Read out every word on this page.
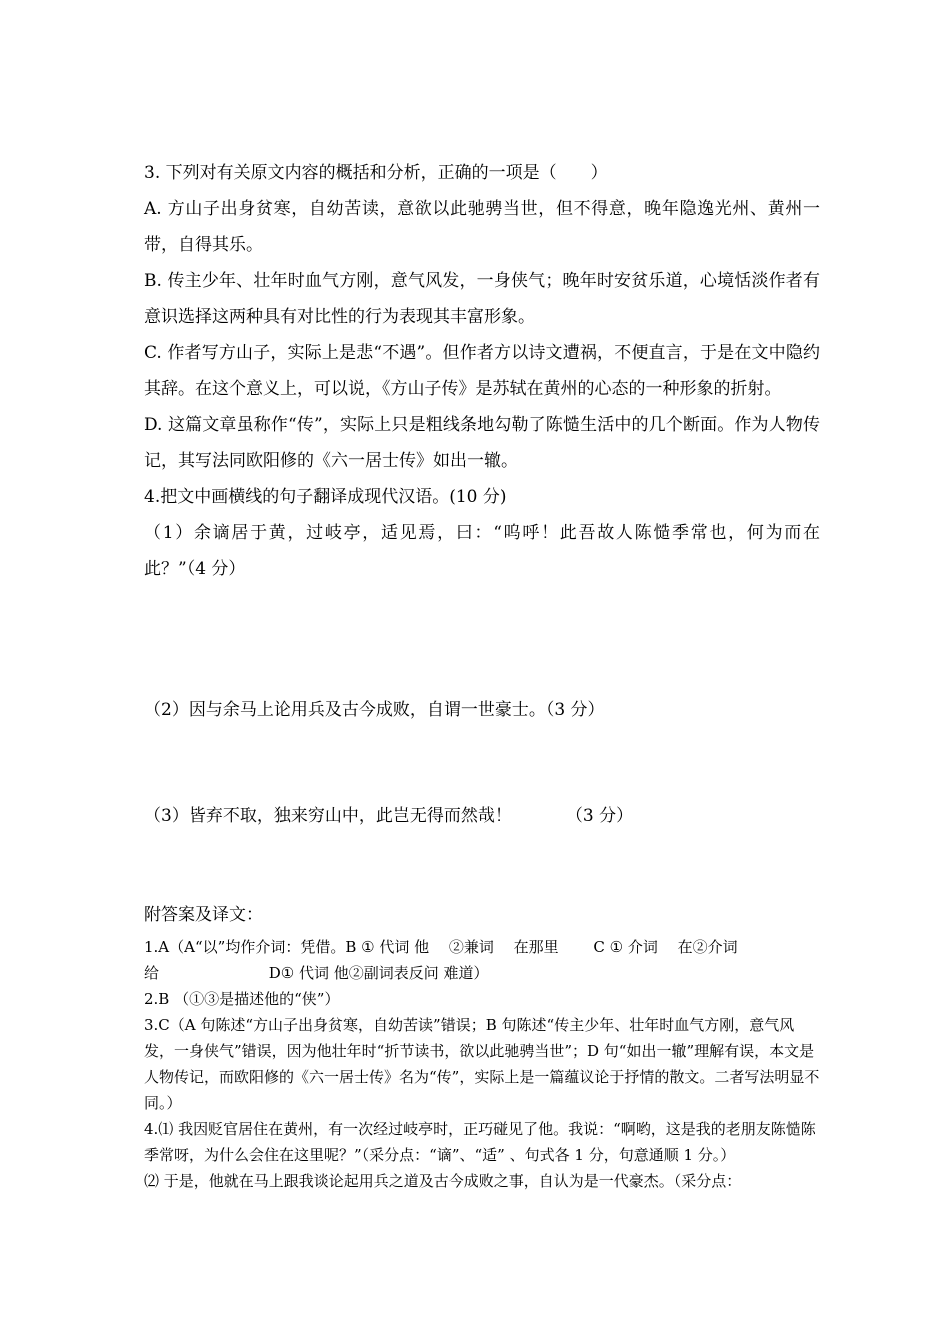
3. 下列对有关原文内容的概括和分析，正确的一项是（　　）

A. 方山子出身贫寒，自幼苦读，意欲以此驰骋当世，但不得意，晚年隐逸光州、黄州一带，自得其乐。

B. 传主少年、壮年时血气方刚，意气风发，一身侠气；晚年时安贫乐道，心境恬淡作者有意识选择这两种具有对比性的行为表现其丰富形象。

C. 作者写方山子，实际上是悲“不遇”。但作者方以诗文遭祸，不便直言，于是在文中隐约其辞。在这个意义上，可以说，《方山子传》是苏轼在黄州的心态的一种形象的折射。

D. 这篇文章虽称作“传”，实际上只是粗线条地勾勒了陈慥生活中的几个断面。作为人物传记，其写法同欧阳修的《六一居士传》如出一辙。

4.把文中画横线的句子翻译成现代汉语。(10 分)

（1）余谪居于黄，过岐亭，适见焉，曰：“呜呼！此吾故人陈慥季常也，何为而在此？”（4 分）

（2）因与余马上论用兵及古今成败，自谓一世豪士。（3 分）

（3）皆弃不取，独来穷山中，此岂无得而然哉！	（3 分）

附答案及译文：

1.A（A“以”均作介词：凭借。B ① 代词 他　 ②兼词　 在那里　　 C ① 介词　 在②介词

给　　　　　　　 D① 代词 他②副词表反问 难道）

2.B （①③是描述他的“侠”）

3.C（A 句陈述“方山子出身贫寒，自幼苦读”错误；B 句陈述“传主少年、壮年时血气方刚，意气风发，一身侠气”错误，因为他壮年时“折节读书，欲以此驰骋当世”；D 句“如出一辙”理解有误，本文是人物传记，而欧阳修的《六一居士传》名为“传”，实际上是一篇蕴议论于抒情的散文。二者写法明显不同。）

4.⑴ 我因贬官居住在黄州，有一次经过岐亭时，正巧碰见了他。我说：“啊哟，这是我的老朋友陈慥陈季常呀，为什么会住在这里呢？”（采分点：“谪”、“适” 、句式各 1 分，句意通顺 1 分。）

⑵ 于是，他就在马上跟我谈论起用兵之道及古今成败之事，自认为是一代豪杰。（采分点：
